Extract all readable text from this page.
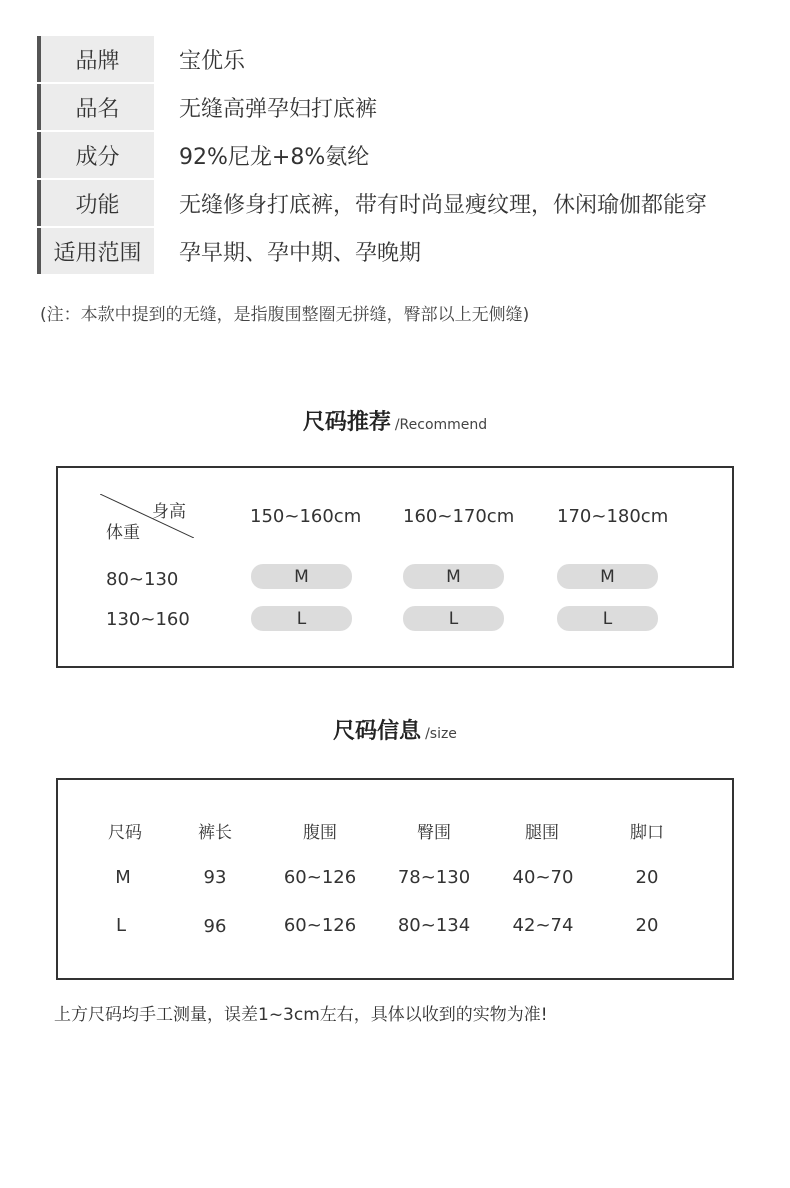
品牌	宝优乐
品名	无缝高弹孕妇打底裤
成分	92%尼龙+8%氨纶
功能	无缝修身打底裤，带有时尚显瘦纹理，休闲瑜伽都能穿
适用范围	孕早期、孕中期、孕晚期
(注：本款中提到的无缝，是指腹围整圈无拼缝，臀部以上无侧缝)
尺码推荐 /Recommend
身高
体重
150~160cm 160~170cm 170~180cm
80~130	M	M	M
130~160	L	L	L
尺码信息 /size
尺码	裤长	腹围	臀围	腿围	脚口
M	93	60~126	78~130	40~70	20
L	96	60~126	80~134	42~74	20
上方尺码均手工测量，误差1~3cm左右，具体以收到的实物为准!
